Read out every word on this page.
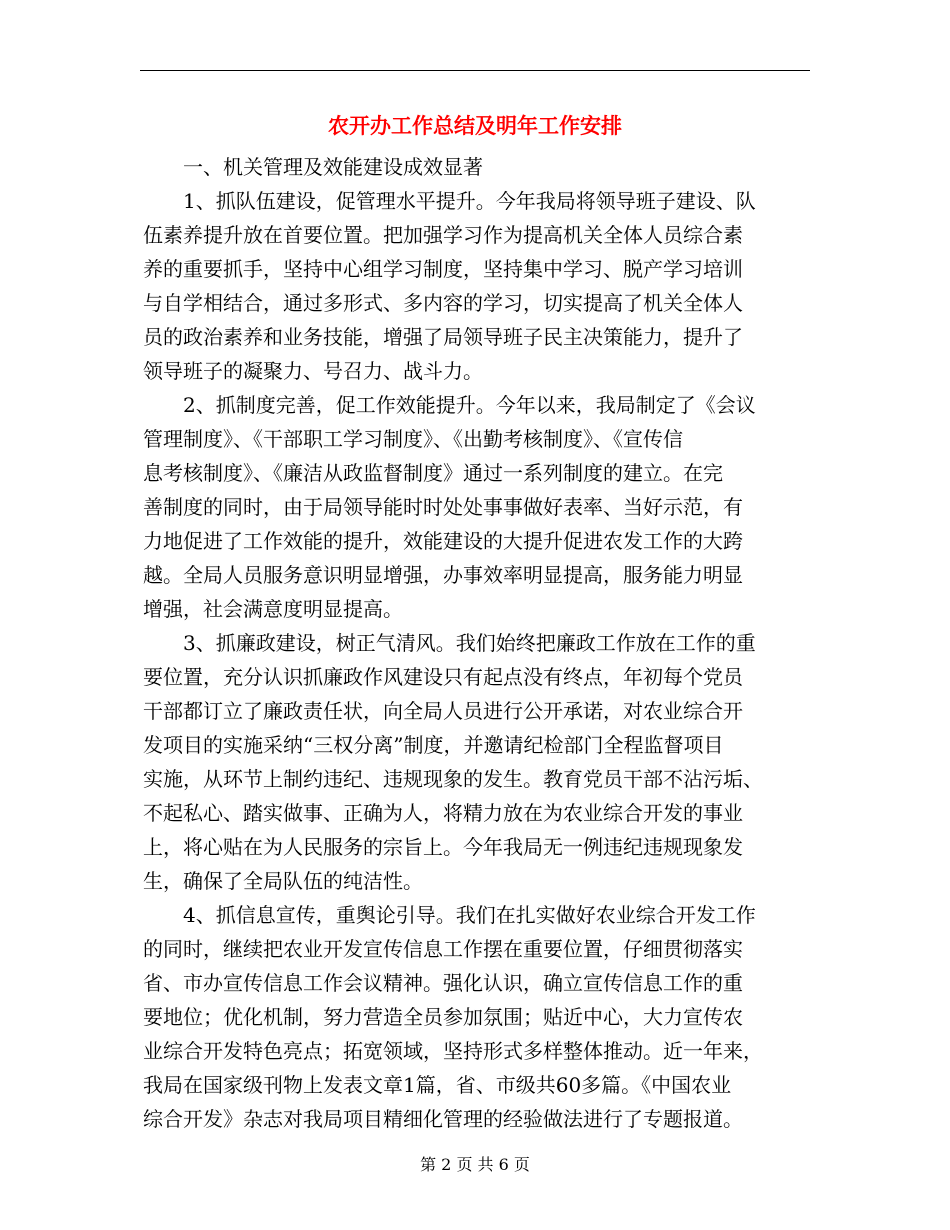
农开办工作总结及明年工作安排

一、机关管理及效能建设成效显著

1、抓队伍建设，促管理水平提升。今年我局将领导班子建设、队
伍素养提升放在首要位置。把加强学习作为提高机关全体人员综合素
养的重要抓手，坚持中心组学习制度，坚持集中学习、脱产学习培训
与自学相结合，通过多形式、多内容的学习，切实提高了机关全体人
员的政治素养和业务技能，增强了局领导班子民主决策能力，提升了
领导班子的凝聚力、号召力、战斗力。
2、抓制度完善，促工作效能提升。今年以来，我局制定了《会议
管理制度》、《干部职工学习制度》、《出勤考核制度》、《宣传信
息考核制度》、《廉洁从政监督制度》通过一系列制度的建立。在完
善制度的同时，由于局领导能时时处处事事做好表率、当好示范，有
力地促进了工作效能的提升，效能建设的大提升促进农发工作的大跨
越。全局人员服务意识明显增强，办事效率明显提高，服务能力明显
增强，社会满意度明显提高。
3、抓廉政建设，树正气清风。我们始终把廉政工作放在工作的重
要位置，充分认识抓廉政作风建设只有起点没有终点，年初每个党员
干部都订立了廉政责任状，向全局人员进行公开承诺，对农业综合开
发项目的实施采纳“三权分离”制度，并邀请纪检部门全程监督项目
实施，从环节上制约违纪、违规现象的发生。教育党员干部不沾污垢、
不起私心、踏实做事、正确为人，将精力放在为农业综合开发的事业
上，将心贴在为人民服务的宗旨上。今年我局无一例违纪违规现象发
生，确保了全局队伍的纯洁性。
4、抓信息宣传，重舆论引导。我们在扎实做好农业综合开发工作
的同时，继续把农业开发宣传信息工作摆在重要位置，仔细贯彻落实
省、市办宣传信息工作会议精神。强化认识，确立宣传信息工作的重
要地位；优化机制，努力营造全员参加氛围；贴近中心，大力宣传农
业综合开发特色亮点；拓宽领域，坚持形式多样整体推动。近一年来，
我局在国家级刊物上发表文章1篇，省、市级共60多篇。《中国农业
综合开发》杂志对我局项目精细化管理的经验做法进行了专题报道。
第 2 页 共 6 页
